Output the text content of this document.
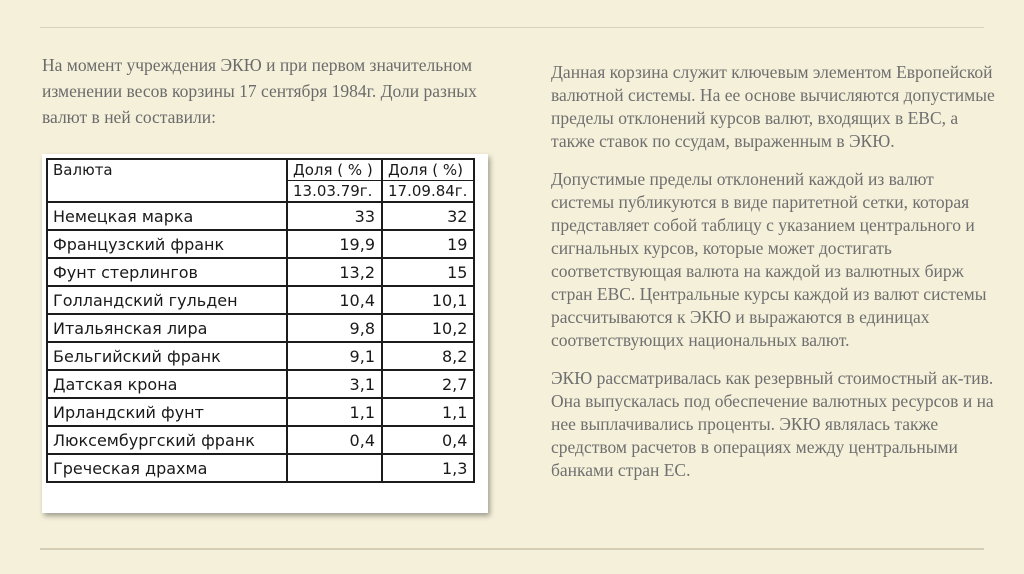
На момент учреждения ЭКЮ и при первом значительном изменении весов корзины 17 сентября 1984г. Доли разных валют в ней составили:
Валюта	Доля ( % )	Доля ( %)
	13.03.79г.	17.09.84г.
Немецкая марка	33	32
Французский франк	19,9	19
Фунт стерлингов	13,2	15
Голландский гульден	10,4	10,1
Итальянская лира	9,8	10,2
Бельгийский франк	9,1	8,2
Датская крона	3,1	2,7
Ирландский фунт	1,1	1,1
Люксембургский франк	0,4	0,4
Греческая драхма		1,3

Данная корзина служит ключевым элементом Европейской валютной системы. На ее основе вычисляются допустимые пределы отклонений курсов валют, входящих в ЕВС, а также ставок по ссудам, выраженным в ЭКЮ.

Допустимые пределы отклонений каждой из валют системы публикуются в виде паритетной сетки, которая представляет собой таблицу с указанием центрального и сигнальных курсов, которые может достигать соответствующая валюта на каждой из валютных бирж стран ЕВС. Центральные курсы каждой из валют системы рассчитываются к ЭКЮ и выражаются в единицах соответствующих национальных валют.

ЭКЮ рассматривалась как резервный стоимостный ак-тив. Она выпускалась под обеспечение валютных ресурсов и на нее выплачивались проценты. ЭКЮ являлась также средством расчетов в операциях между центральными банками стран ЕС.
